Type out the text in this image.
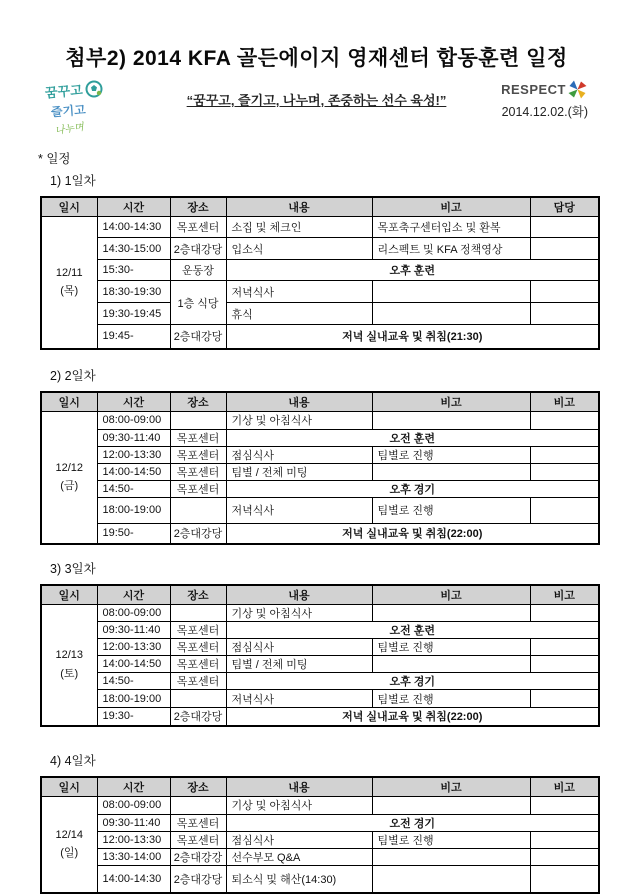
첨부2) 2014 KFA 골든에이지 영재센터 합동훈련 일정
꿈꾸고
즐기고
나누며
“꿈꾸고, 즐기고, 나누며, 존중하는 선수 육성!”
RESPECT
2014.12.02.(화)
* 일정
1) 1일차
일시	시간	장소	내용	비고	담당

12/11
(목)	14:00-14:30	목포센터	소집 및 체크인	목포축구센터입소 및 환복	
	14:30-15:00	2층대강당	입소식	리스펙트 및 KFA 정책영상	
	15:30-	운동장	오후 훈련		
	18:30-19:30	1층 식당	저녁식사		
	19:30-19:45		휴식		
	19:45-	2층대강당	저녁 실내교육 및 취침(21:30)		
2) 2일차
일시	시간	장소	내용	비고	비고

12/12
(금)	08:00-09:00		기상 및 아침식사		
	09:30-11:40	목포센터	오전 훈련		
	12:00-13:30	목포센터	점심식사	팀별로 진행	
	14:00-14:50	목포센터	팀별 / 전체 미팅		
	14:50-	목포센터	오후 경기		
	18:00-19:00		저녁식사	팀별로 진행	
	19:50-	2층대강당	저녁 실내교육 및 취침(22:00)		
3) 3일차
일시	시간	장소	내용	비고	비고

12/13
(토)	08:00-09:00		기상 및 아침식사		
	09:30-11:40	목포센터	오전 훈련		
	12:00-13:30	목포센터	점심식사	팀별로 진행	
	14:00-14:50	목포센터	팀별 / 전체 미팅		
	14:50-	목포센터	오후 경기		
	18:00-19:00		저녁식사	팀별로 진행	
	19:30-	2층대강당	저녁 실내교육 및 취침(22:00)		
4) 4일차
일시	시간	장소	내용	비고	비고

12/14
(일)	08:00-09:00		기상 및 아침식사		
	09:30-11:40	목포센터	오전 경기		
	12:00-13:30	목포센터	점심식사	팀별로 진행	
	13:30-14:00	2층대강강	선수부모 Q&A		
	14:00-14:30	2층대강당	퇴소식 및 해산(14:30)		
